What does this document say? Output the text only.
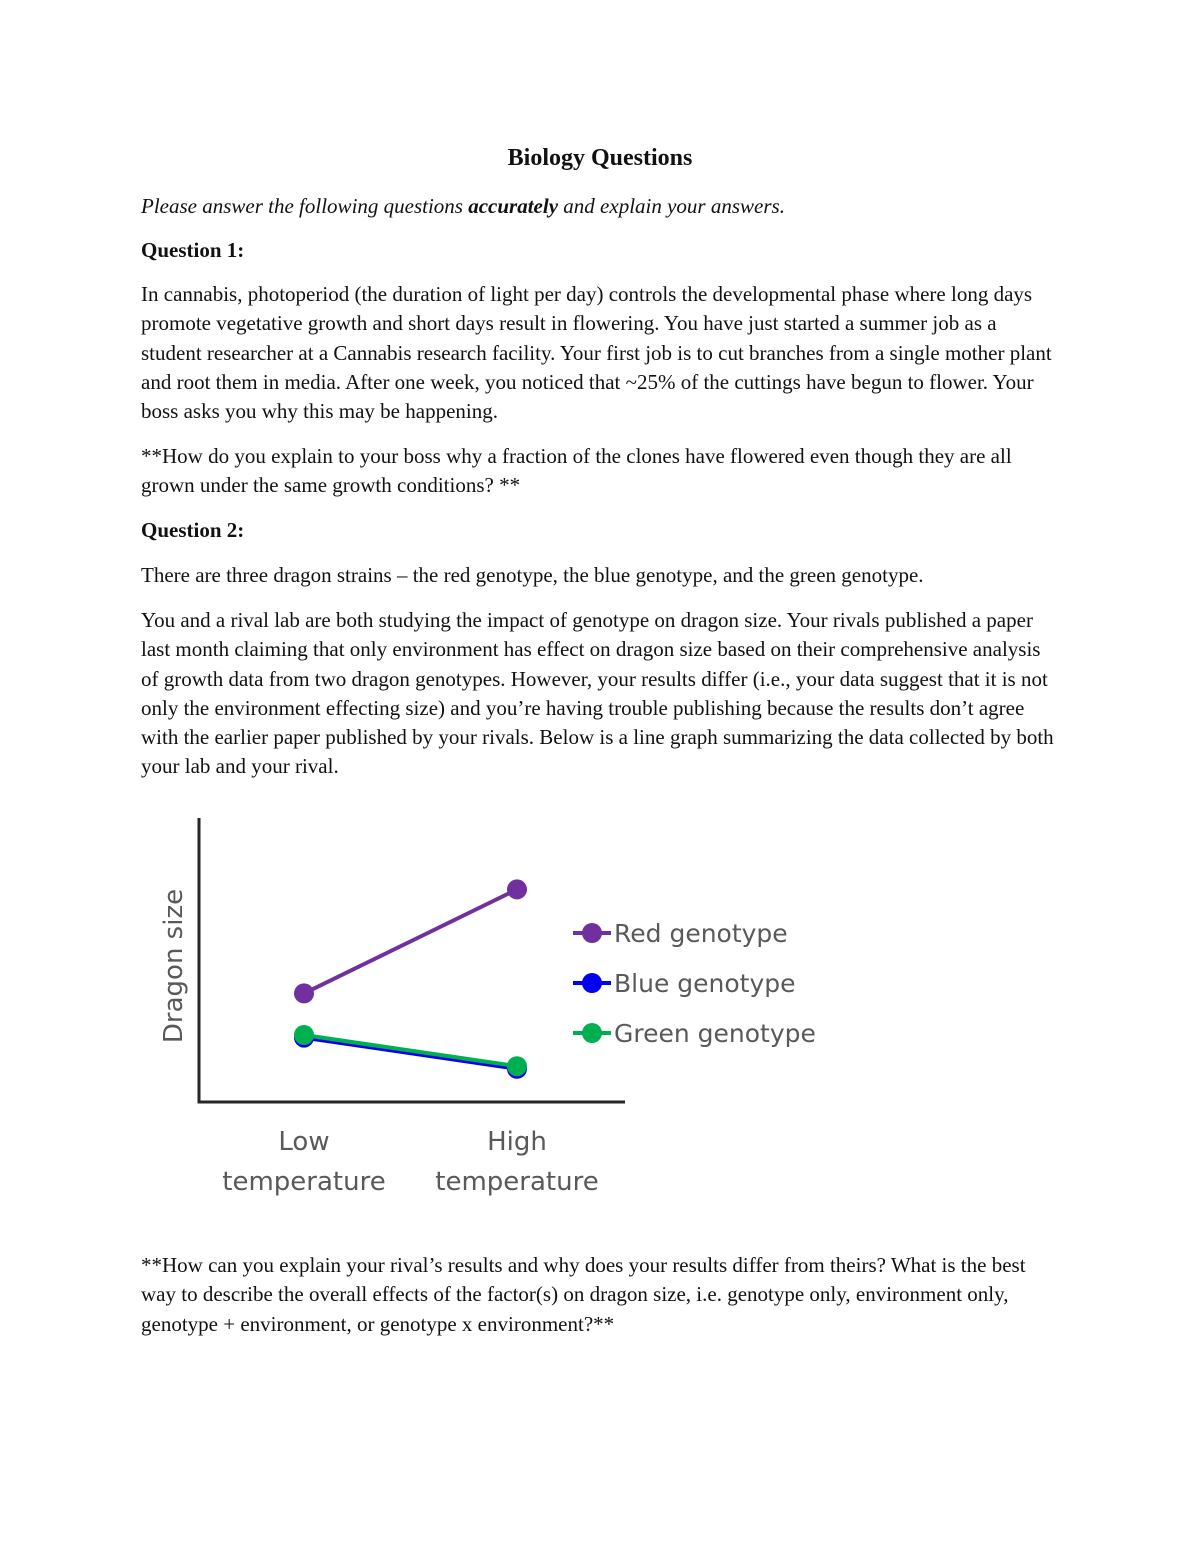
Biology Questions

Please answer the following questions accurately and explain your answers.

Question 1:

In cannabis, photoperiod (the duration of light per day) controls the developmental phase where long days promote vegetative growth and short days result in flowering. You have just started a summer job as a student researcher at a Cannabis research facility. Your first job is to cut branches from a single mother plant and root them in media. After one week, you noticed that ~25% of the cuttings have begun to flower. Your boss asks you why this may be happening.

**How do you explain to your boss why a fraction of the clones have flowered even though they are all grown under the same growth conditions? **

Question 2:

There are three dragon strains – the red genotype, the blue genotype, and the green genotype.

You and a rival lab are both studying the impact of genotype on dragon size. Your rivals published a paper last month claiming that only environment has effect on dragon size based on their comprehensive analysis of growth data from two dragon genotypes. However, your results differ (i.e., your data suggest that it is not only the environment effecting size) and you’re having trouble publishing because the results don’t agree with the earlier paper published by your rivals. Below is a line graph summarizing the data collected by both your lab and your rival.

Dragon size
Low
temperature
High
temperature
Red genotype
Blue genotype
Green genotype

**How can you explain your rival’s results and why does your results differ from theirs? What is the best way to describe the overall effects of the factor(s) on dragon size, i.e. genotype only, environment only, genotype + environment, or genotype x environment?**
